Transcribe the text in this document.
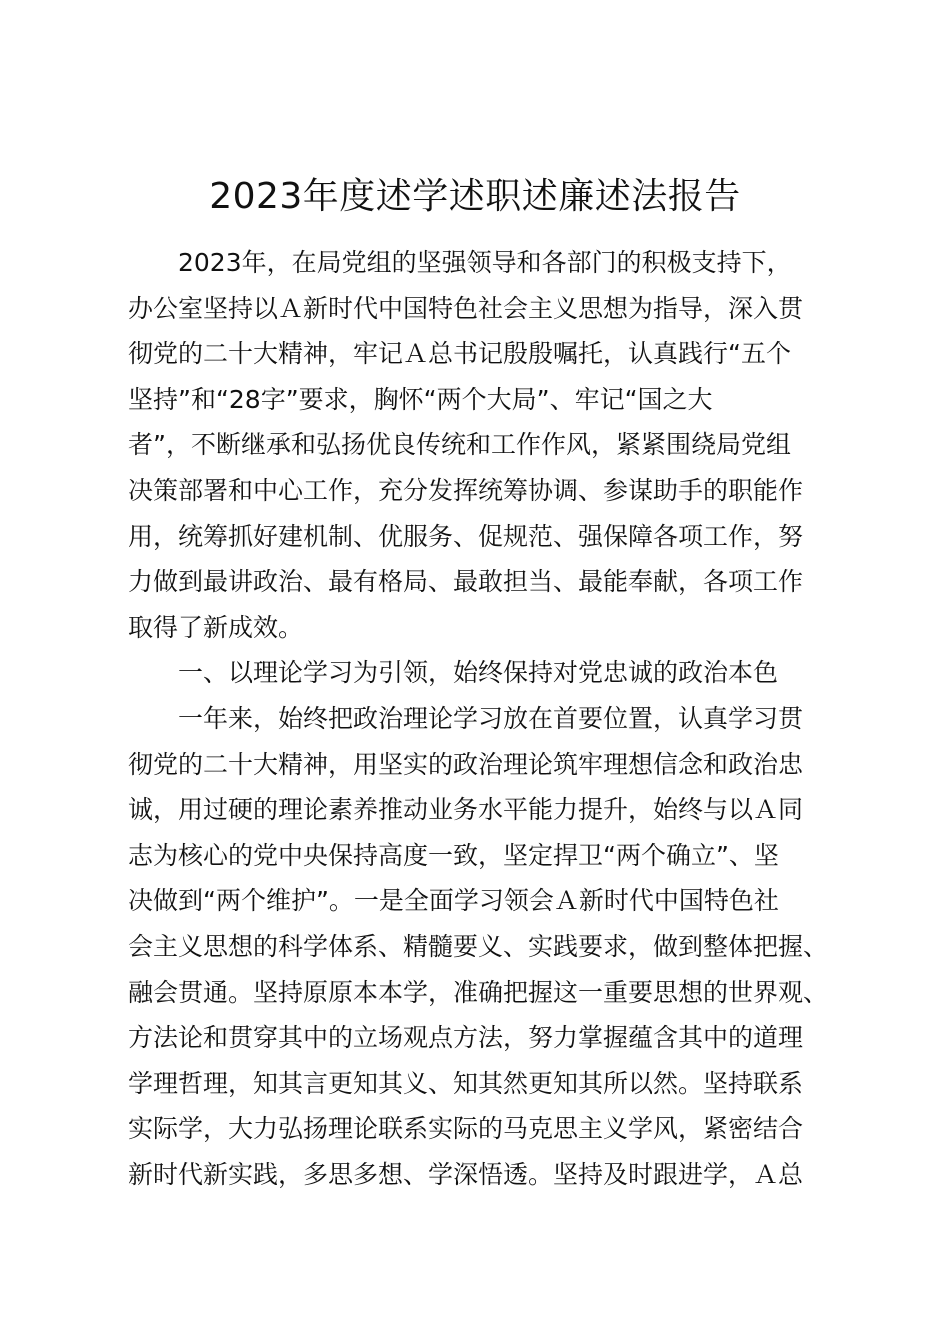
2023年度述学述职述廉述法报告
2023年，在局党组的坚强领导和各部门的积极支持下，
办公室坚持以Ａ新时代中国特色社会主义思想为指导，深入贯
彻党的二十大精神，牢记Ａ总书记殷殷嘱托，认真践行“五个
坚持”和“28字”要求，胸怀“两个大局”、牢记“国之大
者”，不断继承和弘扬优良传统和工作作风，紧紧围绕局党组
决策部署和中心工作，充分发挥统筹协调、参谋助手的职能作
用，统筹抓好建机制、优服务、促规范、强保障各项工作，努
力做到最讲政治、最有格局、最敢担当、最能奉献，各项工作
取得了新成效。
一、以理论学习为引领，始终保持对党忠诚的政治本色
一年来，始终把政治理论学习放在首要位置，认真学习贯
彻党的二十大精神，用坚实的政治理论筑牢理想信念和政治忠
诚，用过硬的理论素养推动业务水平能力提升，始终与以Ａ同
志为核心的党中央保持高度一致，坚定捍卫“两个确立”、坚
决做到“两个维护”。一是全面学习领会Ａ新时代中国特色社
会主义思想的科学体系、精髓要义、实践要求，做到整体把握、
融会贯通。坚持原原本本学，准确把握这一重要思想的世界观、
方法论和贯穿其中的立场观点方法，努力掌握蕴含其中的道理
学理哲理，知其言更知其义、知其然更知其所以然。坚持联系
实际学，大力弘扬理论联系实际的马克思主义学风，紧密结合
新时代新实践，多思多想、学深悟透。坚持及时跟进学，Ａ总
